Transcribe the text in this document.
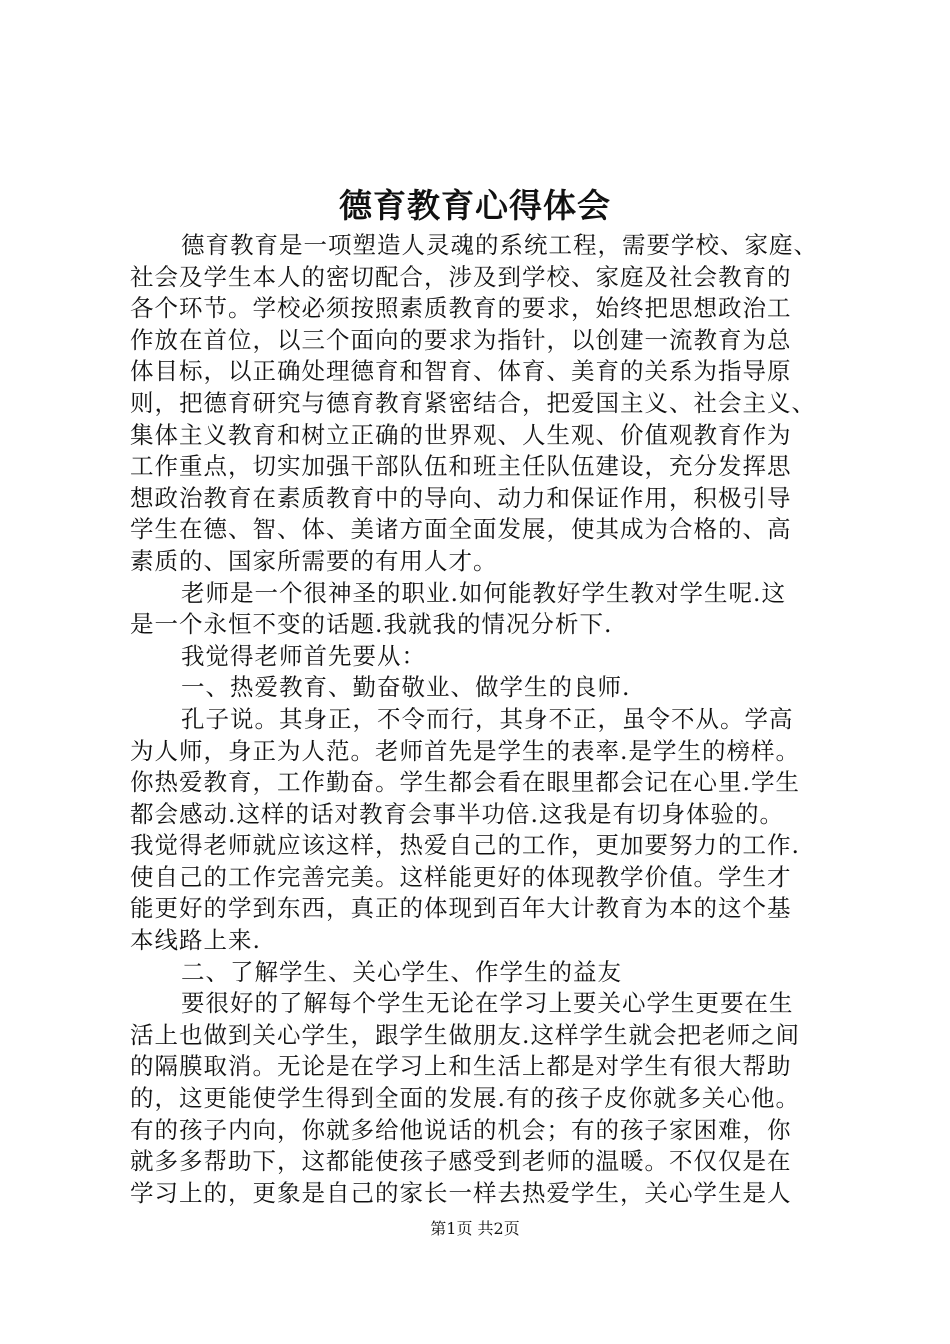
德育教育心得体会
德育教育是一项塑造人灵魂的系统工程，需要学校、家庭、
社会及学生本人的密切配合，涉及到学校、家庭及社会教育的
各个环节。学校必须按照素质教育的要求，始终把思想政治工
作放在首位，以三个面向的要求为指针，以创建一流教育为总
体目标，以正确处理德育和智育、体育、美育的关系为指导原
则，把德育研究与德育教育紧密结合，把爱国主义、社会主义、
集体主义教育和树立正确的世界观、人生观、价值观教育作为
工作重点，切实加强干部队伍和班主任队伍建设，充分发挥思
想政治教育在素质教育中的导向、动力和保证作用，积极引导
学生在德、智、体、美诸方面全面发展，使其成为合格的、高
素质的、国家所需要的有用人才。
老师是一个很神圣的职业.如何能教好学生教对学生呢.这
是一个永恒不变的话题.我就我的情况分析下.
我觉得老师首先要从：
一、热爱教育、勤奋敬业、做学生的良师.
孔子说。其身正，不令而行，其身不正，虽令不从。学高
为人师，身正为人范。老师首先是学生的表率.是学生的榜样。
你热爱教育，工作勤奋。学生都会看在眼里都会记在心里.学生
都会感动.这样的话对教育会事半功倍.这我是有切身体验的。
我觉得老师就应该这样，热爱自己的工作，更加要努力的工作.
使自己的工作完善完美。这样能更好的体现教学价值。学生才
能更好的学到东西，真正的体现到百年大计教育为本的这个基
本线路上来.
二、了解学生、关心学生、作学生的益友
要很好的了解每个学生无论在学习上要关心学生更要在生
活上也做到关心学生，跟学生做朋友.这样学生就会把老师之间
的隔膜取消。无论是在学习上和生活上都是对学生有很大帮助
的，这更能使学生得到全面的发展.有的孩子皮你就多关心他。
有的孩子内向，你就多给他说话的机会；有的孩子家困难，你
就多多帮助下，这都能使孩子感受到老师的温暖。不仅仅是在
学习上的，更象是自己的家长一样去热爱学生，关心学生是人
第1页 共2页
